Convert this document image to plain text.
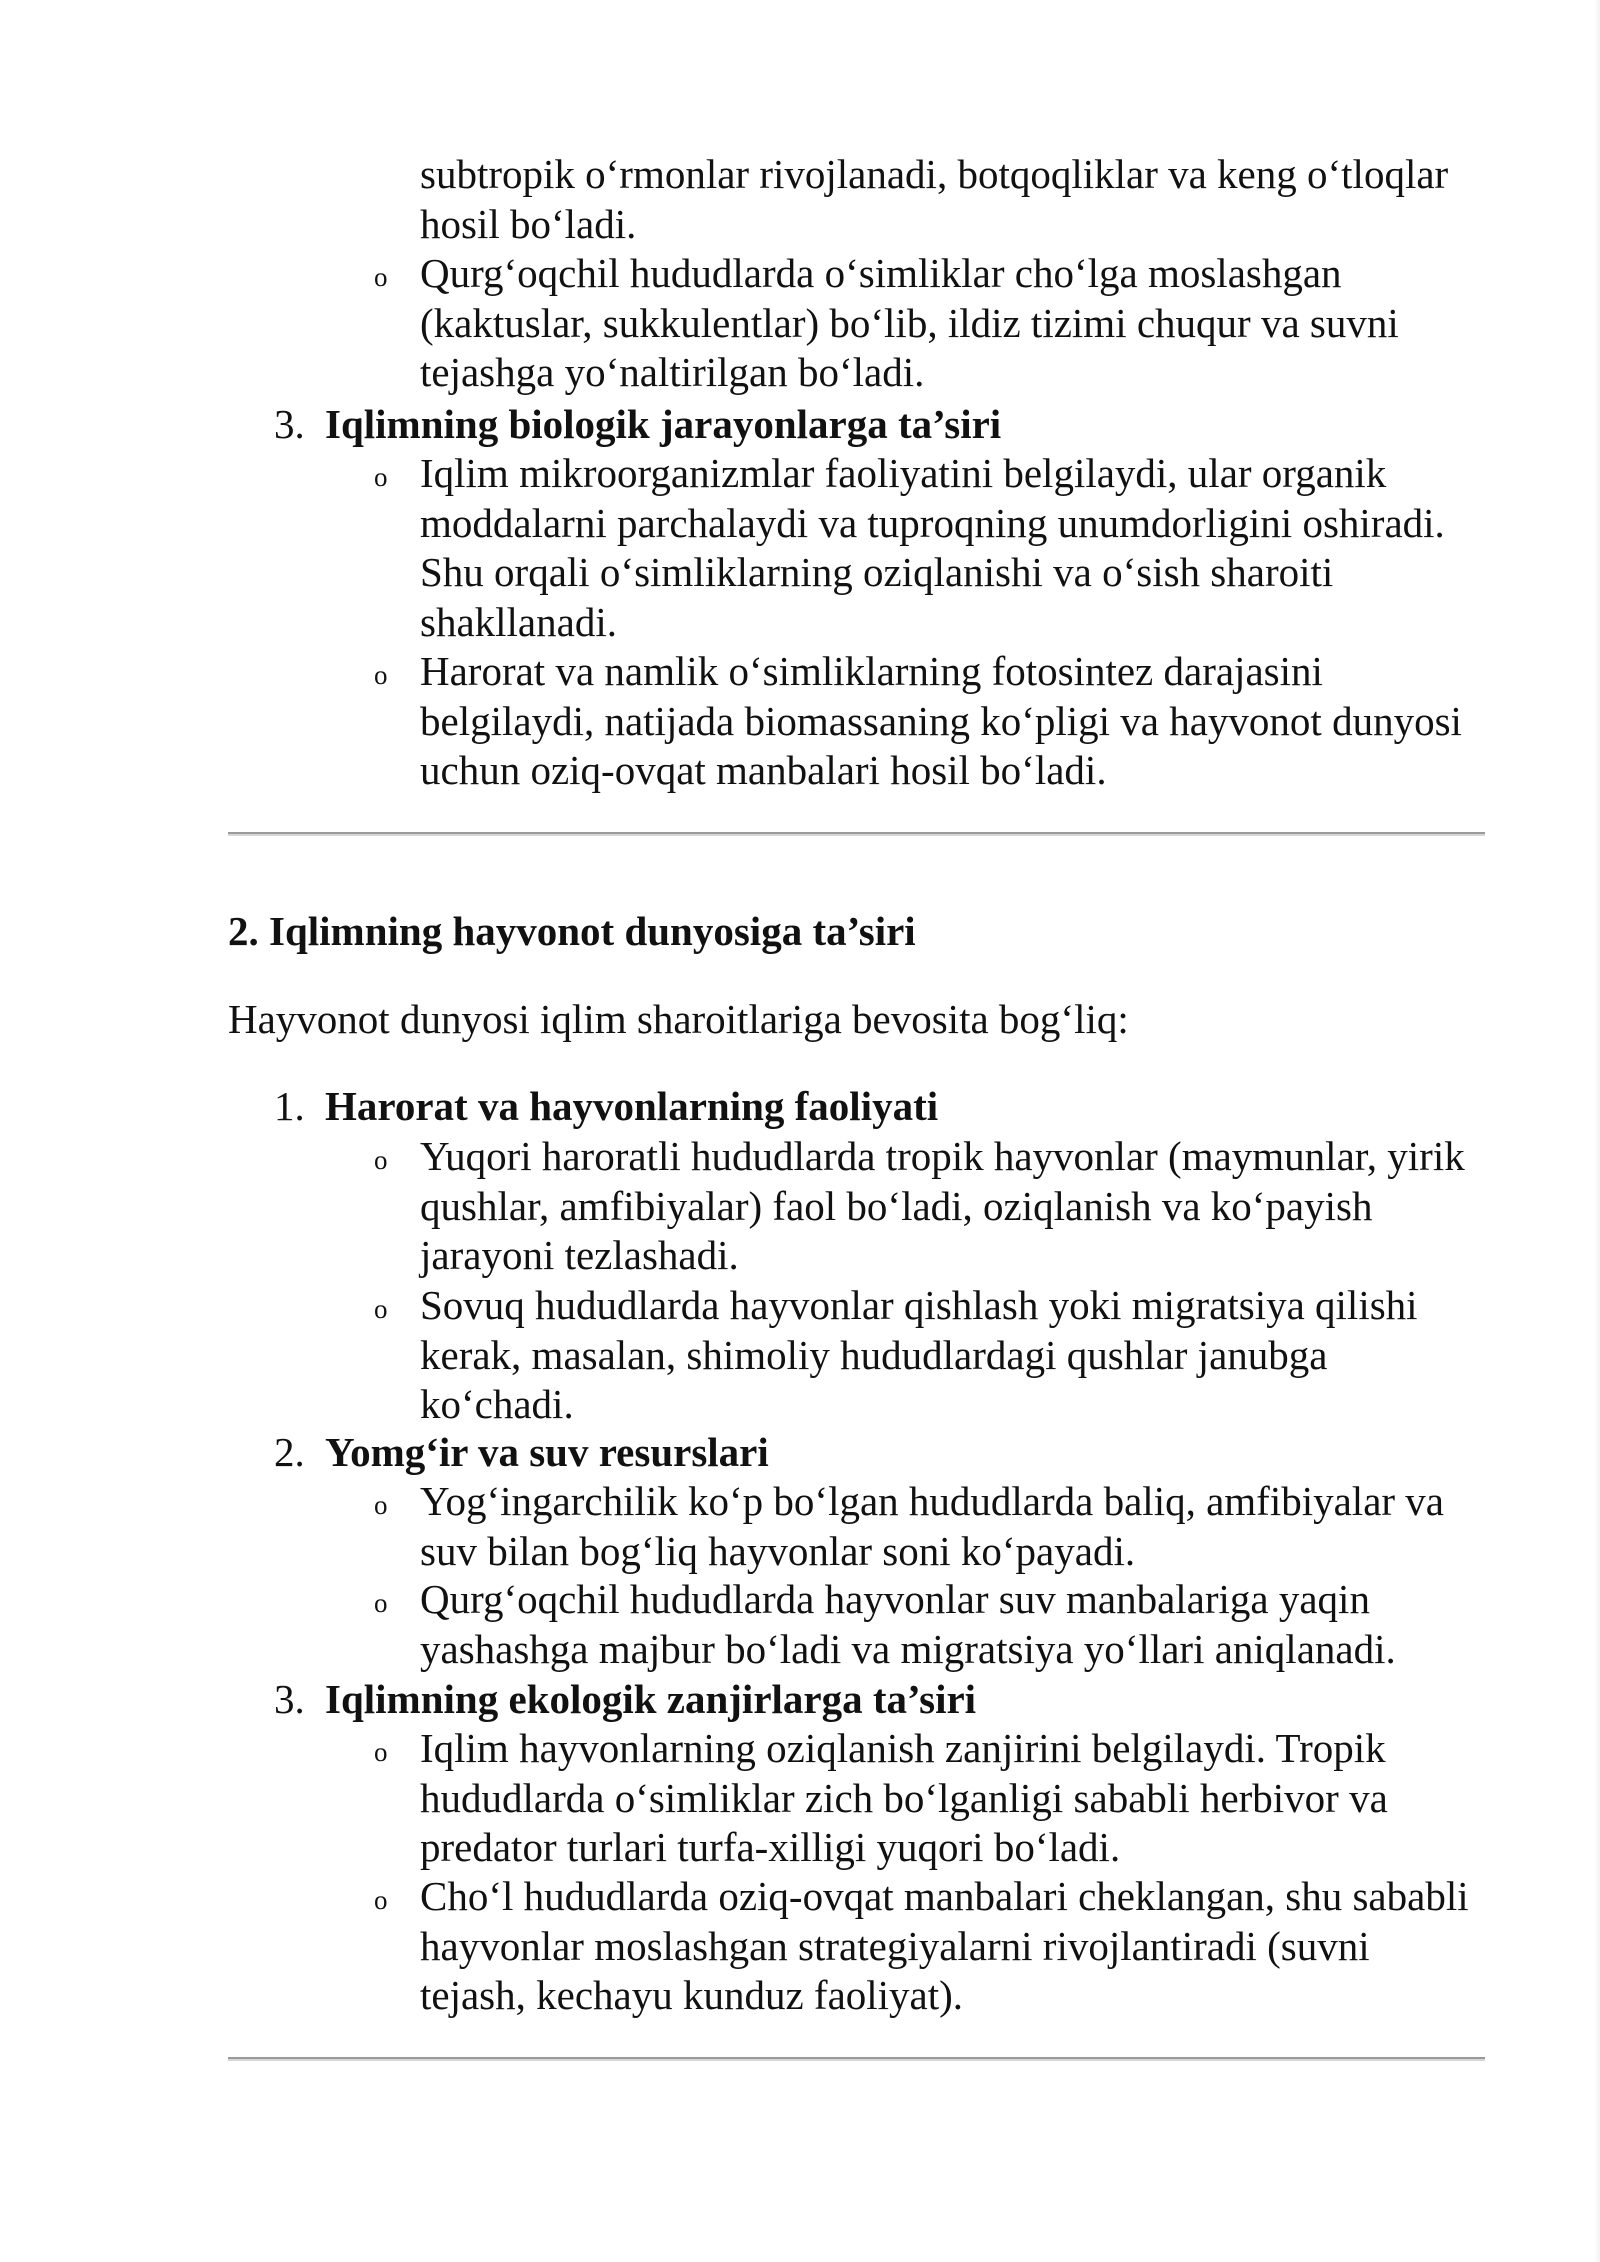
subtropik o‘rmonlar rivojlanadi, botqoqliklar va keng o‘tloqlar hosil bo‘ladi.
o Qurg‘oqchil hududlarda o‘simliklar cho‘lga moslashgan (kaktuslar, sukkulentlar) bo‘lib, ildiz tizimi chuqur va suvni tejashga yo‘naltirilgan bo‘ladi.
3. Iqlimning biologik jarayonlarga ta’siri
o Iqlim mikroorganizmlar faoliyatini belgilaydi, ular organik moddalarni parchalaydi va tuproqning unumdorligini oshiradi. Shu orqali o‘simliklarning oziqlanishi va o‘sish sharoiti shakllanadi.
o Harorat va namlik o‘simliklarning fotosintez darajasini belgilaydi, natijada biomassaning ko‘pligi va hayvonot dunyosi uchun oziq-ovqat manbalari hosil bo‘ladi.
2. Iqlimning hayvonot dunyosiga ta’siri
Hayvonot dunyosi iqlim sharoitlariga bevosita bog‘liq:
1. Harorat va hayvonlarning faoliyati
o Yuqori haroratli hududlarda tropik hayvonlar (maymunlar, yirik qushlar, amfibiyalar) faol bo‘ladi, oziqlanish va ko‘payish jarayoni tezlashadi.
o Sovuq hududlarda hayvonlar qishlash yoki migratsiya qilishi kerak, masalan, shimoliy hududlardagi qushlar janubga ko‘chadi.
2. Yomg‘ir va suv resurslari
o Yog‘ingarchilik ko‘p bo‘lgan hududlarda baliq, amfibiyalar va suv bilan bog‘liq hayvonlar soni ko‘payadi.
o Qurg‘oqchil hududlarda hayvonlar suv manbalariga yaqin yashashga majbur bo‘ladi va migratsiya yo‘llari aniqlanadi.
3. Iqlimning ekologik zanjirlarga ta’siri
o Iqlim hayvonlarning oziqlanish zanjirini belgilaydi. Tropik hududlarda o‘simliklar zich bo‘lganligi sababli herbivor va predator turlari turfa-xilligi yuqori bo‘ladi.
o Cho‘l hududlarda oziq-ovqat manbalari cheklangan, shu sababli hayvonlar moslashgan strategiyalarni rivojlantiradi (suvni tejash, kechayu kunduz faoliyat).
